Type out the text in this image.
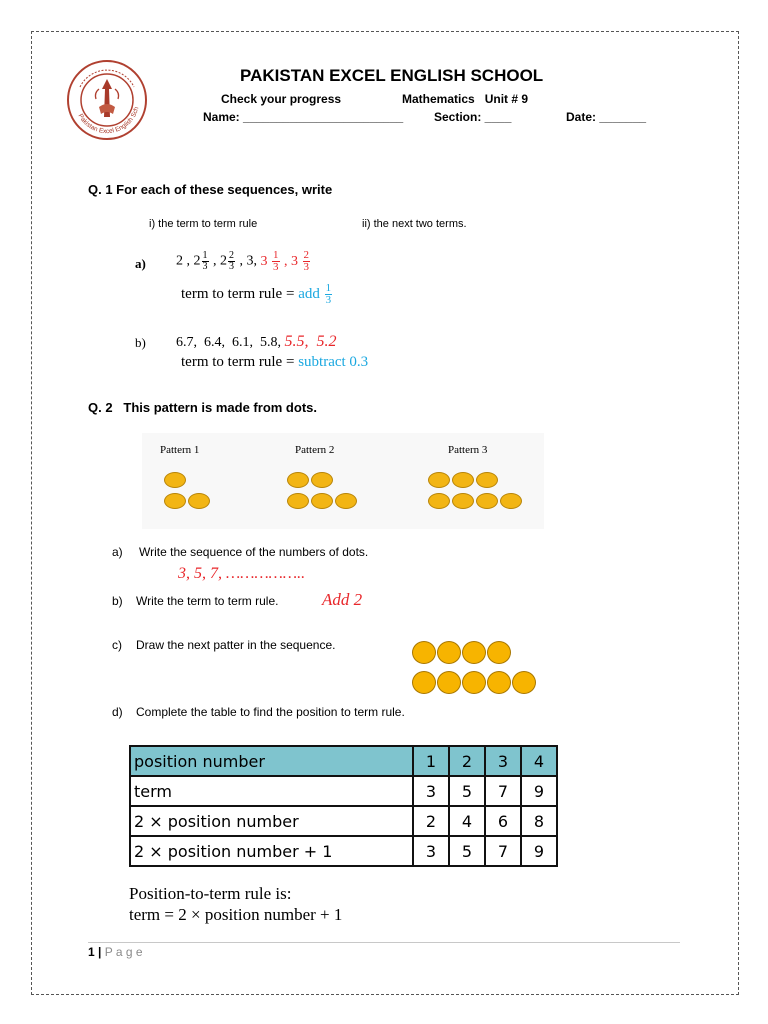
Pakistan Excel English Sch
PAKISTAN EXCEL ENGLISH SCHOOL
Check your progress	Mathematics   Unit # 9
Name: ________________________	Section: ____	Date: _______
Q. 1 For each of these sequences, write
i) the term to term rule	ii) the next two terms.
a) 2 , $2 \frac{1}{3}$ , $2 \frac{2}{3}$ , 3, $3 \frac{1}{3}$ , $3 \frac{2}{3}$
term to term rule = add $\frac{1}{3}$
b) 6.7,  6.4,  6.1,  5.8, 5.5,  5.2
term to term rule = subtract 0.3
Q. 2   This pattern is made from dots.
Pattern 1	Pattern 2	Pattern 3
a) Write the sequence of the numbers of dots.
3, 5, 7, ……………..
b) Write the term to term rule.	Add 2
c) Draw the next patter in the sequence.
d) Complete the table to find the position to term rule.
position number	1	2	3	4
term	3	5	7	9
2 × position number	2	4	6	8
2 × position number + 1	3	5	7	9
Position-to-term rule is:
term = 2 × position number + 1
1 | P a g e
